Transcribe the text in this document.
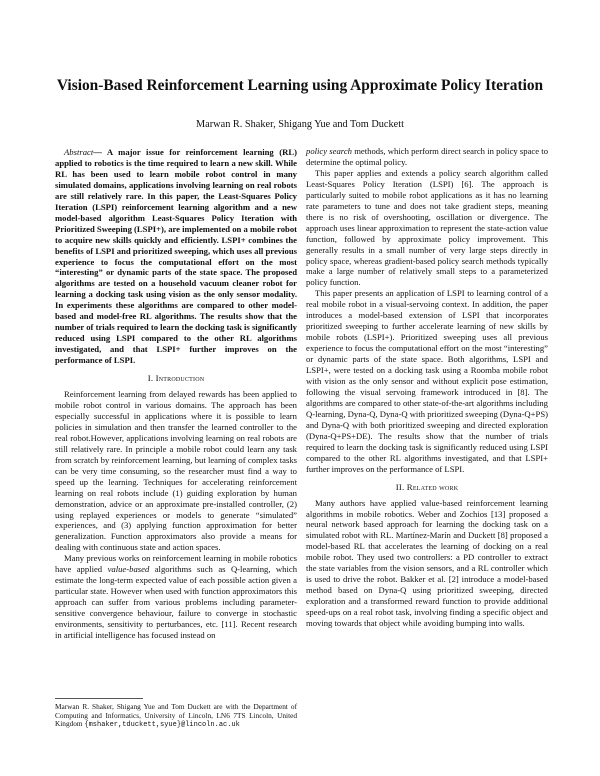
Vision-Based Reinforcement Learning using Approximate Policy Iteration
Marwan R. Shaker, Shigang Yue and Tom Duckett

Abstract— A major issue for reinforcement learning (RL) applied to robotics is the time required to learn a new skill. While RL has been used to learn mobile robot control in many simulated domains, applications involving learning on real robots are still relatively rare. In this paper, the Least-Squares Policy Iteration (LSPI) reinforcement learning algorithm and a new model-based algorithm Least-Squares Policy Iteration with Prioritized Sweeping (LSPI+), are implemented on a mobile robot to acquire new skills quickly and efficiently. LSPI+ combines the benefits of LSPI and prioritized sweeping, which uses all previous experience to focus the computational effort on the most “interesting” or dynamic parts of the state space. The proposed algorithms are tested on a household vacuum cleaner robot for learning a docking task using vision as the only sensor modality. In experiments these algorithms are compared to other model-based and model-free RL algorithms. The results show that the number of trials required to learn the docking task is significantly reduced using LSPI compared to the other RL algorithms investigated, and that LSPI+ further improves on the performance of LSPI.

I. Introduction

Reinforcement learning from delayed rewards has been applied to mobile robot control in various domains. The approach has been especially successful in applications where it is possible to learn policies in simulation and then transfer the learned controller to the real robot.However, applications involving learning on real robots are still relatively rare. In principle a mobile robot could learn any task from scratch by reinforcement learning, but learning of complex tasks can be very time consuming, so the researcher must find a way to speed up the learning. Techniques for accelerating reinforcement learning on real robots include (1) guiding exploration by human demonstration, advice or an approximate pre-installed controller, (2) using replayed experiences or models to generate “simulated” experiences, and (3) applying function approximation for better generalization. Function approximators also provide a means for dealing with continuous state and action spaces.

Many previous works on reinforcement learning in mobile robotics have applied value-based algorithms such as Q-learning, which estimate the long-term expected value of each possible action given a particular state. However when used with function approximators this approach can suffer from various problems including parameter-sensitive convergence behaviour, failure to converge in stochastic environments, sensitivity to perturbances, etc. [11]. Recent research in artificial intelligence has focused instead on

Marwan R. Shaker, Shigang Yue and Tom Duckett are with the Department of Computing and Informatics, University of Lincoln, LN6 7TS Lincoln, United Kingdom {mshaker,tduckett,syue}@lincoln.ac.uk

policy search methods, which perform direct search in policy space to determine the optimal policy.

This paper applies and extends a policy search algorithm called Least-Squares Policy Iteration (LSPI) [6]. The approach is particularly suited to mobile robot applications as it has no learning rate parameters to tune and does not take gradient steps, meaning there is no risk of overshooting, oscillation or divergence. The approach uses linear approximation to represent the state-action value function, followed by approximate policy improvement. This generally results in a small number of very large steps directly in policy space, whereas gradient-based policy search methods typically make a large number of relatively small steps to a parameterized policy function.

This paper presents an application of LSPI to learning control of a real mobile robot in a visual-servoing context. In addition, the paper introduces a model-based extension of LSPI that incorporates prioritized sweeping to further accelerate learning of new skills by mobile robots (LSPI+). Prioritized sweeping uses all previous experience to focus the computational effort on the most “interesting” or dynamic parts of the state space. Both algorithms, LSPI and LSPI+, were tested on a docking task using a Roomba mobile robot with vision as the only sensor and without explicit pose estimation, following the visual servoing framework introduced in [8]. The algorithms are compared to other state-of-the-art algorithms including Q-learning, Dyna-Q, Dyna-Q with prioritized sweeping (Dyna-Q+PS) and Dyna-Q with both prioritized sweeping and directed exploration (Dyna-Q+PS+DE). The results show that the number of trials required to learn the docking task is significantly reduced using LSPI compared to the other RL algorithms investigated, and that LSPI+ further improves on the performance of LSPI.

II. Related work

Many authors have applied value-based reinforcement learning algorithms in mobile robotics. Weber and Zochios [13] proposed a neural network based approach for learning the docking task on a simulated robot with RL. Martínez-Marín and Duckett [8] proposed a model-based RL that accelerates the learning of docking on a real mobile robot. They used two controllers: a PD controller to extract the state variables from the vision sensors, and a RL controller which is used to drive the robot. Bakker et al. [2] introduce a model-based method based on Dyna-Q using prioritized sweeping, directed exploration and a transformed reward function to provide additional speed-ups on a real robot task, involving finding a specific object and moving towards that object while avoiding bumping into walls.
